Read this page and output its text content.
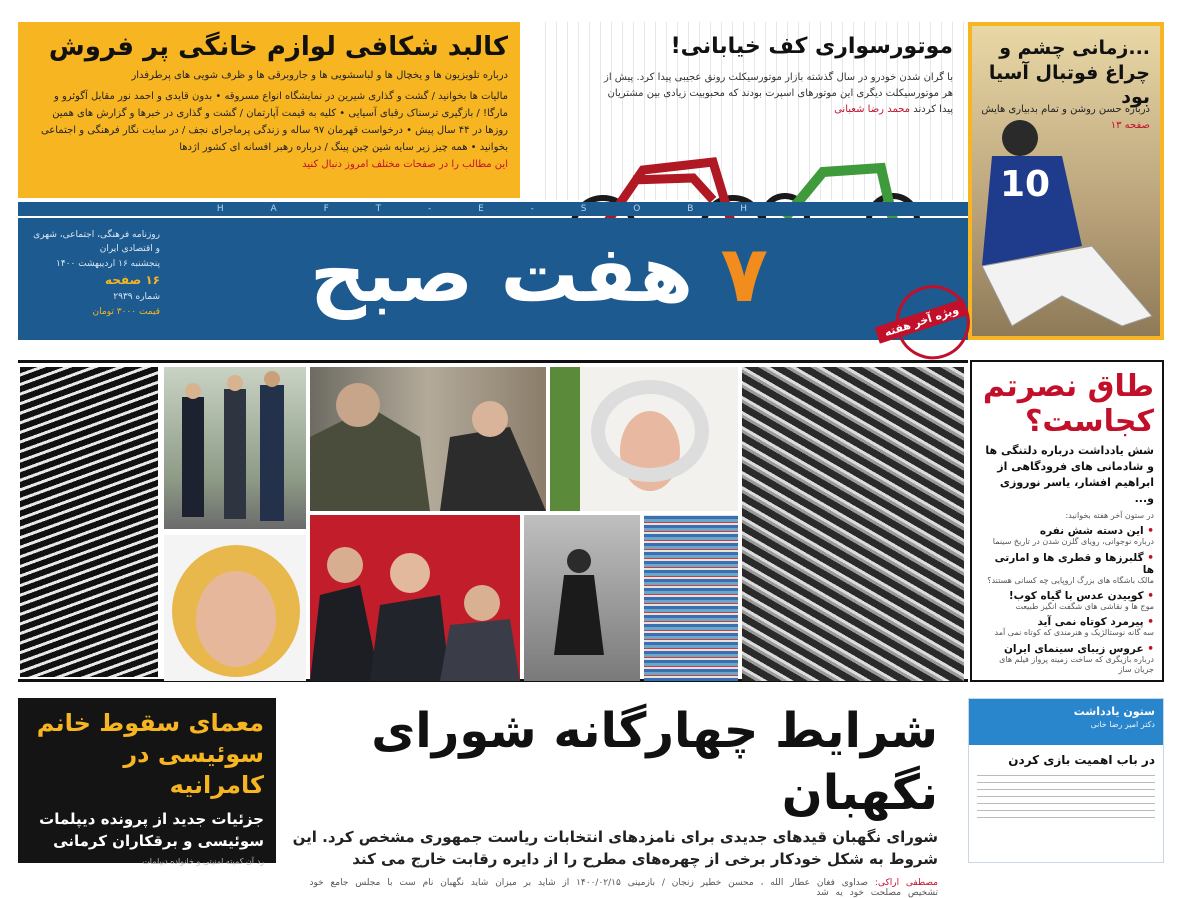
کالبد شکافی لوازم خانگی پر فروش
درباره تلویزیون ها و یخچال ها و لباسشویی ها و جاروبرقی ها و ظرف شویی های پرطرفدار
مالیات ها بخوانید / گشت و گذاری شیرین در نمایشگاه انواع مسروقه • بدون قایدی و احمد نور مقابل آگوئرو و مارگا! / بازگیری ترسناک رقبای آسیایی • کلیه به قیمت آپارتمان / گشت و گذاری در خبرها و گزارش های همین روزها در ۴۴ سال پیش • درخواست قهرمان ۹۷ ساله و زندگی پرماجرای نجف / در سایت نگار فرهنگی و اجتماعی بخوانید • همه چیز زیر سایه شین چین پینگ / درباره رهبر افسانه ای کشور اژدها
این مطالب را در صفحات مختلف امروز دنبال کنید
موتورسواری کف خیابانی!
با گران شدن خودرو در سال گذشته بازار موتورسیکلت رونق عجیبی پیدا کرد. پیش از هر موتورسیکلت دیگری این موتورهای اسپرت بودند که محبوبیت زیادی بین مشتریان پیدا کردند محمد رضا شعبانی
...زمانی چشم و چراغ فوتبال آسیا بود
درباره حسن روشن و تمام بدبیاری هایش صفحه ۱۳
10
H A F T - E - S O B H
۷ هفت صبح
روزنامه فرهنگی، اجتماعی، شهری و اقتصادی ایران
پنجشنبه ۱۶ اردیبهشت ۱۴۰۰
۱۶ صفحه
شماره ۲۹۳۹
قیمت ۳۰۰۰ تومان	ویژه آخر هفته
طاق نصرتم کجاست؟
شش یادداشت درباره دلتنگی ها و شادمانی های فرودگاهی از ابراهیم افشار، یاسر نوروزی و...
در ستون آخر هفته بخوانید:
• این دسته شش نفره
درباره نوجوانی، رویای گلزن شدن در تاریخ سینما
• گلبرزها و قطری ها و امارتی ها
مالک باشگاه های بزرگ اروپایی چه کسانی هستند؟
• کوبیدن عدس با گیاه کوب!
موج ها و نقاشی های شگفت انگیز طبیعت
• پیرمرد کوتاه نمی آید
سه گانه نوستالژیک و هنرمندی که کوتاه نمی آمد
• عروس زیبای سینمای ایران
درباره بازیگری که ساخت زمینه پرواز فیلم های جریان ساز
معمای سقوط خانم سوئیسی در کامرانیه
جزئیات جدید از پرونده دیپلمات سوئیسی و برقکاران کرمانی
رد آن کمیته امنیتی و خانواده دیپلمات
شرایط چهارگانه شورای نگهبان
شورای نگهبان قیدهای جدیدی برای نامزدهای انتخابات ریاست جمهوری مشخص کرد. این شروط به شکل خودکار برخی از چهره‌های مطرح را از دایره رقابت خارج می کند
مصطفی اراکی: صداوی فغان عطار الله ، محسن خطیر زنجان / بازمینی ۱۴۰۰/۰۲/۱۵ از شاید بر میزان شاید نگهبان نام ست با مجلس جامع خود تشخیص مصلحت خود یه شد
ستون یادداشت
دکتر امیر رضا خانی
در باب اهمیت بازی کردن
